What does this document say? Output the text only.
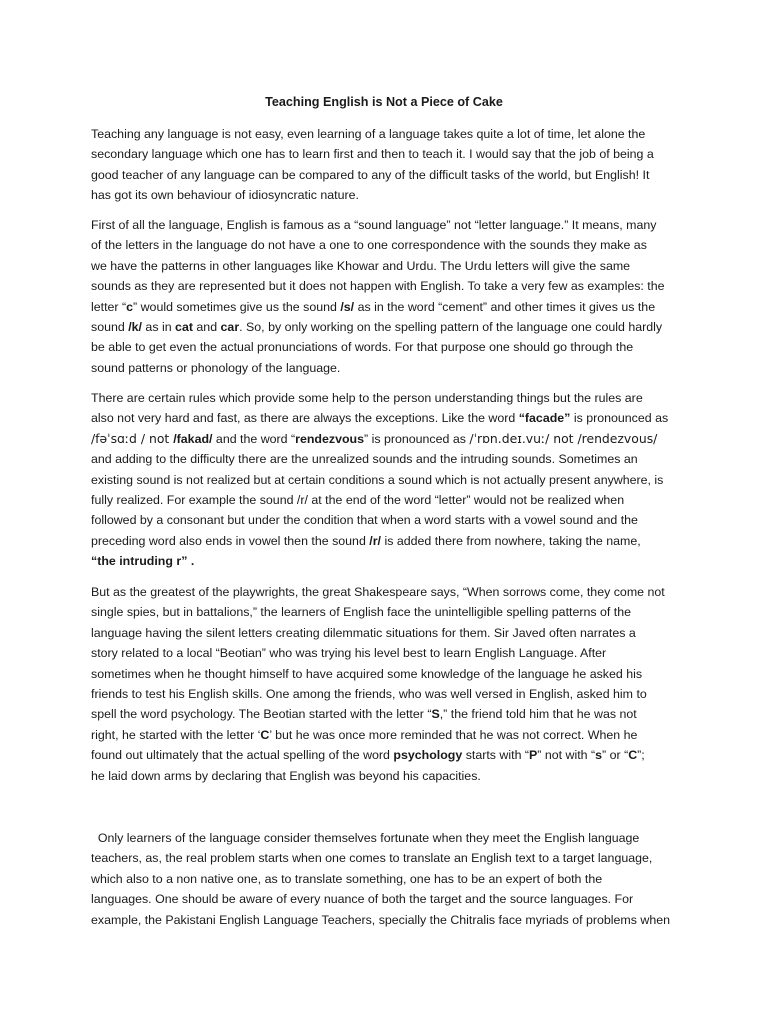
Teaching English is Not a Piece of Cake

Teaching any language is not easy, even learning of a language takes quite a lot of time, let alone the
secondary language which one has to learn first and then to teach it. I would say that the job of being a
good teacher of any language can be compared to any of the difficult tasks of the world, but English! It
has got its own behaviour of idiosyncratic nature.

First of all the language, English is famous as a “sound language” not “letter language.” It means, many
of the letters in the language do not have a one to one correspondence with the sounds they make as
we have the patterns in other languages like Khowar and Urdu. The Urdu letters will give the same
sounds as they are represented but it does not happen with English. To take a very few as examples: the
letter “c” would sometimes give us the sound /s/ as in the word “cement” and other times it gives us the
sound /k/ as in cat and car. So, by only working on the spelling pattern of the language one could hardly
be able to get even the actual pronunciations of words. For that purpose one should go through the
sound patterns or phonology of the language.

There are certain rules which provide some help to the person understanding things but the rules are
also not very hard and fast, as there are always the exceptions. Like the word “facade” is pronounced as
/fəˈsɑːd / not /fakad/ and the word “rendezvous” is pronounced as /ˈrɒn.deɪ.vuː/ not /rendezvous/
and adding to the difficulty there are the unrealized sounds and the intruding sounds. Sometimes an
existing sound is not realized but at certain conditions a sound which is not actually present anywhere, is
fully realized. For example the sound /r/ at the end of the word “letter” would not be realized when
followed by a consonant but under the condition that when a word starts with a vowel sound and the
preceding word also ends in vowel then the sound /r/ is added there from nowhere, taking the name,
“the intruding r” .

But as the greatest of the playwrights, the great Shakespeare says, “When sorrows come, they come not
single spies, but in battalions,” the learners of English face the unintelligible spelling patterns of the
language having the silent letters creating dilemmatic situations for them. Sir Javed often narrates a
story related to a local “Beotian” who was trying his level best to learn English Language. After
sometimes when he thought himself to have acquired some knowledge of the language he asked his
friends to test his English skills. One among the friends, who was well versed in English, asked him to
spell the word psychology. The Beotian started with the letter “S,” the friend told him that he was not
right, he started with the letter ‘C’ but he was once more reminded that he was not correct. When he
found out ultimately that the actual spelling of the word psychology starts with “P” not with “s” or “C”;
he laid down arms by declaring that English was beyond his capacities.

Only learners of the language consider themselves fortunate when they meet the English language
teachers, as, the real problem starts when one comes to translate an English text to a target language,
which also to a non native one, as to translate something, one has to be an expert of both the
languages. One should be aware of every nuance of both the target and the source languages. For
example, the Pakistani English Language Teachers, specially the Chitralis face myriads of problems when
